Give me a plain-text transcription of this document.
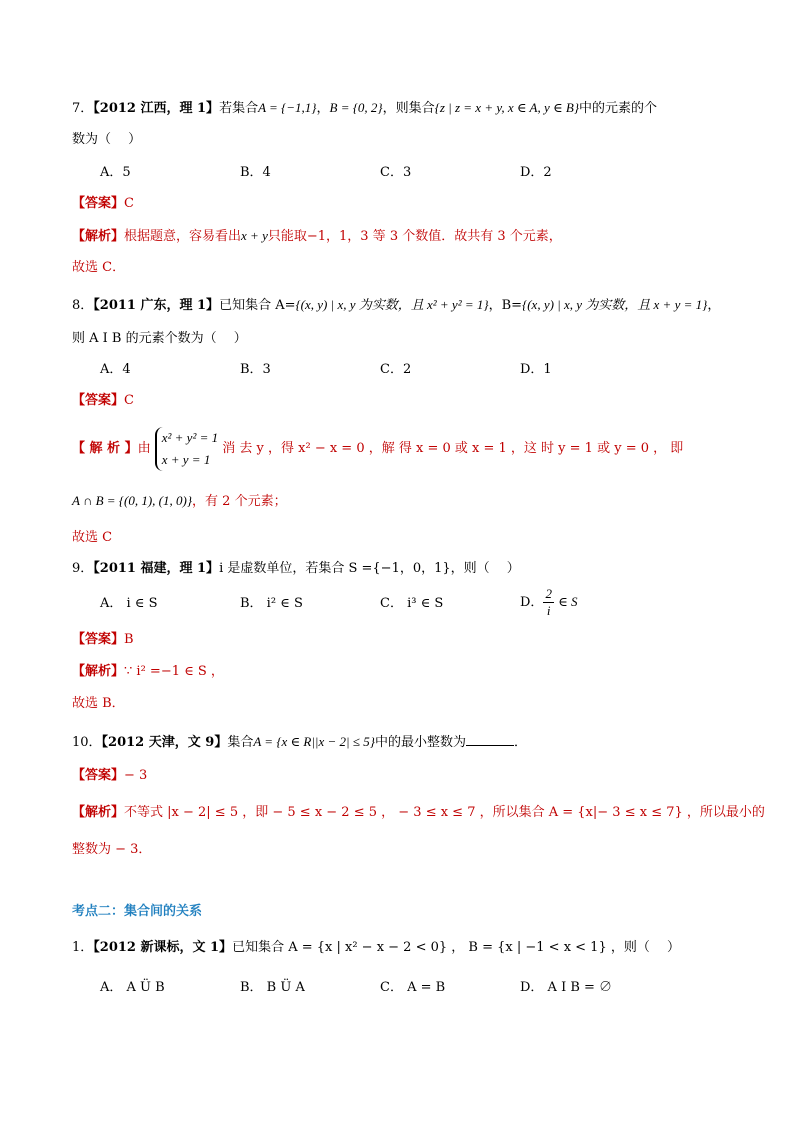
7．【2012 江西，理 1】若集合A = {−1,1}，B = {0, 2}，则集合{z | z = x + y, x ∈ A, y ∈ B}中的元素的个
数为（　 ）
A．5	B．4	C．3	D．2
【答案】C
【解析】根据题意，容易看出x + y只能取−1，1，3 等 3 个数值．故共有 3 个元素，
故选 C．
8．【2011 广东，理 1】已知集合 A={(x, y) | x, y 为实数，且 x² + y² = 1}，B={(x, y) | x, y 为实数，且 x + y = 1}，
则 A I B 的元素个数为（　 ）
A．4	B．3	C．2	D．1
【答案】C
【 解 析 】由
x² + y² = 1
x + y = 1
消 去 y ，得 x² − x = 0 ，解 得 x = 0 或 x = 1 ，这 时 y = 1 或 y = 0 ， 即
A ∩ B = {(0, 1), (1, 0)}，有 2 个元素；
故选 C
9．【2011 福建，理 1】i 是虚数单位，若集合 S ={−1，0，1}，则（　 ）
A． i ∈ S	B． i² ∈ S	C． i³ ∈ S	D． $\frac{2}{i}$ ∈ S
【答案】B
【解析】∵ i² =−1 ∈ S ，
故选 B．
10．【2012 天津，文 9】集合A = {x ∈ R||x − 2| ≤ 5}中的最小整数为	．
【答案】− 3
【解析】不等式 |x − 2| ≤ 5 ，即 − 5 ≤ x − 2 ≤ 5 ， − 3 ≤ x ≤ 7 ，所以集合 A = {x|− 3 ≤ x ≤ 7} ，所以最小的
整数为 − 3．
考点二：集合间的关系
1．【2012 新课标，文 1】已知集合 A = {x | x² − x − 2 < 0} ， B = {x | −1 < x < 1} ，则（　 ）
A． A Ü B	B． B Ü A	C． A = B	D． A I B = ∅
